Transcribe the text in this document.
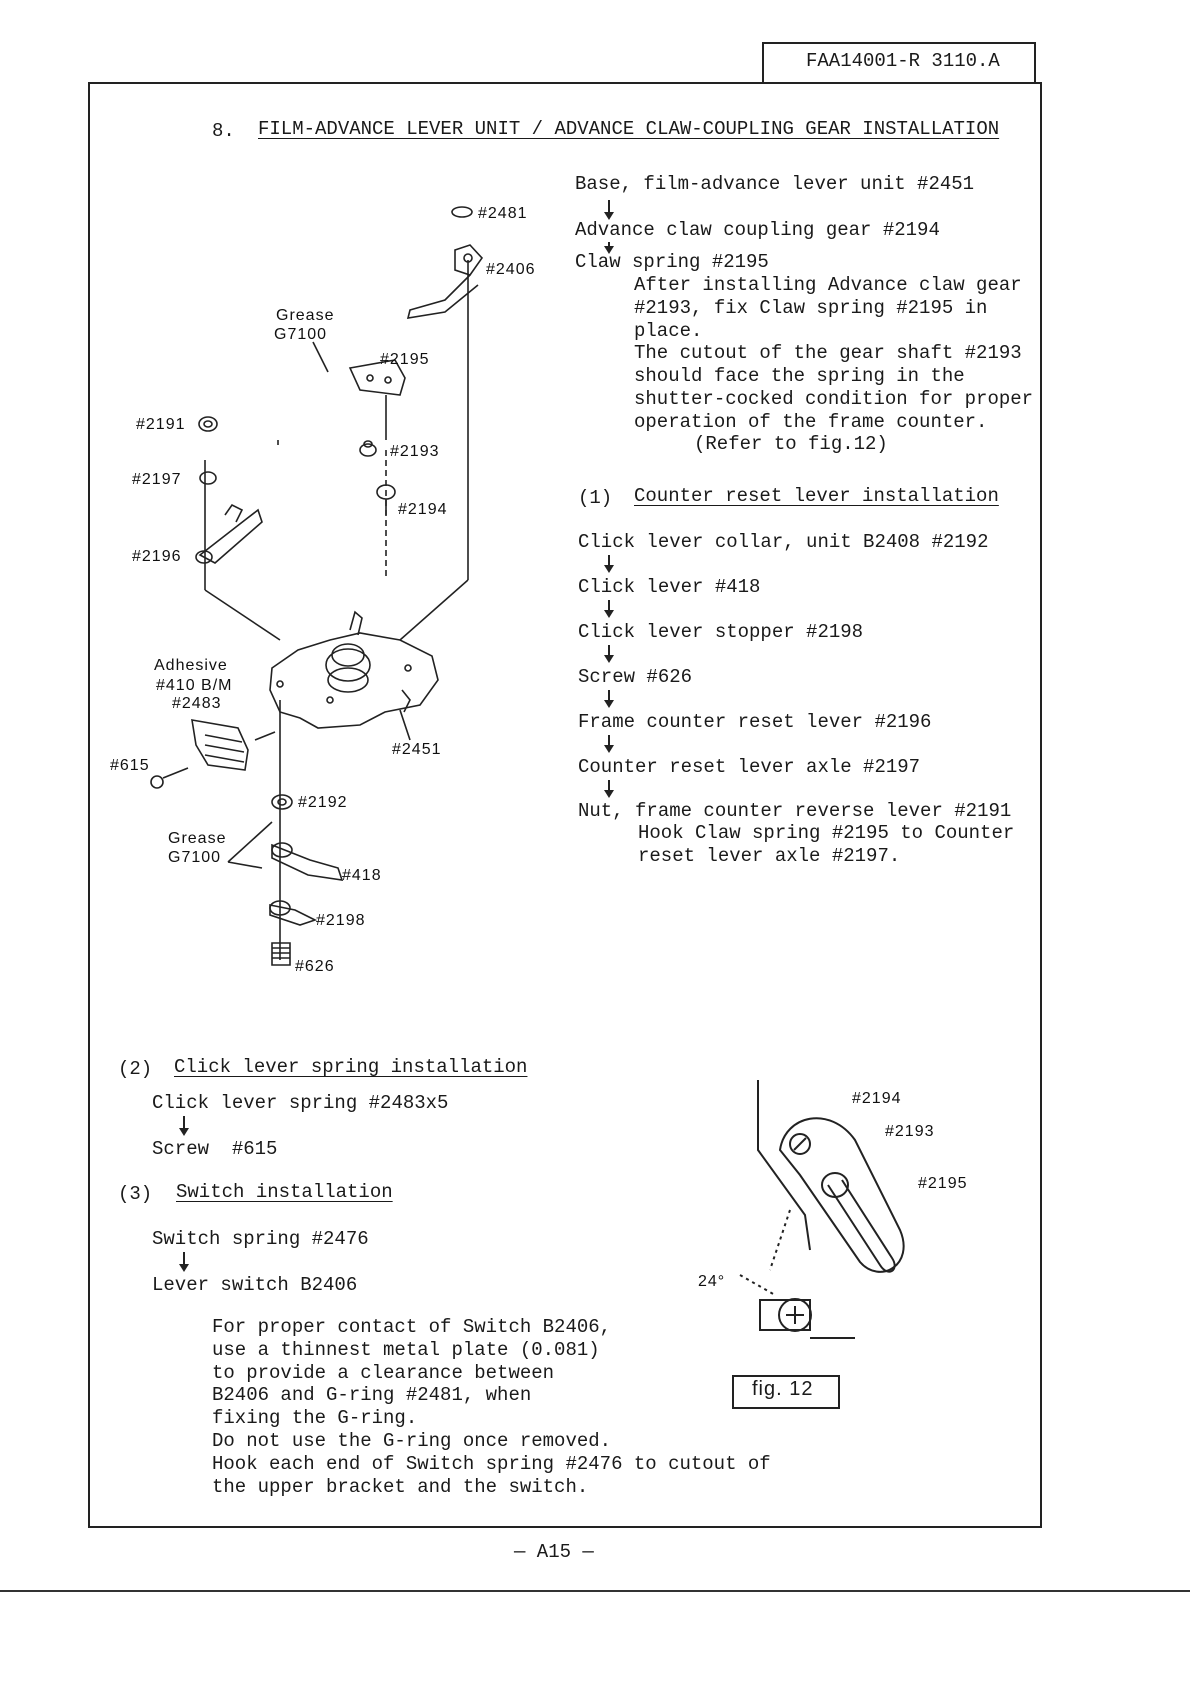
FAA14001-R 3110.A
8. FILM-ADVANCE LEVER UNIT / ADVANCE CLAW-COUPLING GEAR INSTALLATION
Base, film-advance lever unit #2451
Advance claw coupling gear #2194
Claw spring #2195
After installing Advance claw gear
#2193, fix Claw spring #2195 in
place.
The cutout of the gear shaft #2193
should face the spring in the
shutter-cocked condition for proper
operation of the frame counter.
(Refer to fig.12)
(1) Counter reset lever installation
Click lever collar, unit B2408 #2192
Click lever #418
Click lever stopper #2198
Screw #626
Frame counter reset lever #2196
Counter reset lever axle #2197
Nut, frame counter reverse lever #2191
Hook Claw spring #2195 to Counter
reset lever axle #2197.
(2) Click lever spring installation
Click lever spring #2483x5
Screw  #615
(3) Switch installation
Switch spring #2476
Lever switch B2406
For proper contact of Switch B2406,
use a thinnest metal plate (0.081)
to provide a clearance between
B2406 and G-ring #2481, when
fixing the G-ring.
Do not use the G-ring once removed.
Hook each end of Switch spring #2476 to cutout of
the upper bracket and the switch.
#2481
#2406
Grease
G7100
#2195
#2191
#2193
#2197
#2194
#2196
Adhesive
#410 B/M
#2483
#2451
#615
#2192
Grease
G7100
#418
#2198
#626
#2194
#2193
#2195
24°
fig. 12
— A15 —
